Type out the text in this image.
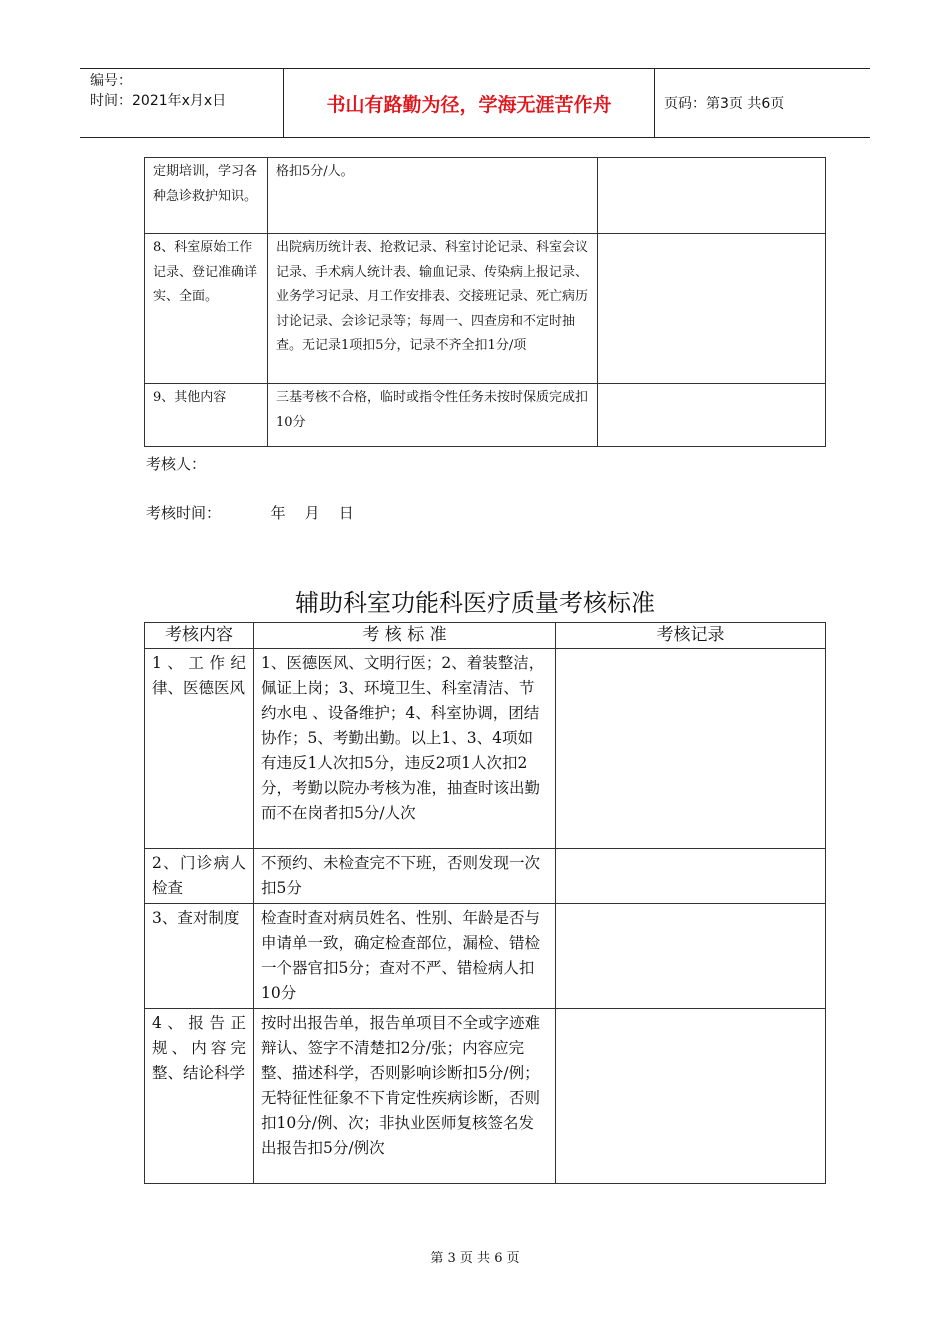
编号：
时间：2021年x月x日	书山有路勤为径，学海无涯苦作舟	页码：第3页 共6页
定期培训，学习各种急诊救护知识。	格扣5分/人。	
8、科室原始工作记录、登记准确详实、全面。	出院病历统计表、抢救记录、科室讨论记录、科室会议记录、手术病人统计表、输血记录、传染病上报记录、业务学习记录、月工作安排表、交接班记录、死亡病历讨论记录、会诊记录等；每周一、四查房和不定时抽查。无记录1项扣5分，记录不齐全扣1分/项	
9、其他内容	三基考核不合格，临时或指令性任务未按时保质完成扣10分	
考核人：
考核时间：	年    月    日
辅助科室功能科医疗质量考核标准
考核内容	考 核 标 准	考核记录
1、工作纪律、医德医风	1、医德医风、文明行医；2、着装整洁，佩证上岗；3、环境卫生、科室清洁、节约水电 、设备维护；4、科室协调，团结协作；5、考勤出勤。以上1、3、4项如有违反1人次扣5分，违反2项1人次扣2分，考勤以院办考核为准，抽查时该出勤而不在岗者扣5分/人次	
2、门诊病人检查	不预约、未检查完不下班，否则发现一次扣5分	
3、查对制度	检查时查对病员姓名、性别、年龄是否与申请单一致，确定检查部位，漏检、错检一个器官扣5分；查对不严、错检病人扣10分	
4、报告正规、内容完整、结论科学	按时出报告单，报告单项目不全或字迹难辩认、签字不清楚扣2分/张；内容应完整、描述科学，否则影响诊断扣5分/例；无特征性征象不下肯定性疾病诊断，否则扣10分/例、次；非执业医师复核签名发出报告扣5分/例次	
第 3 页 共 6 页
